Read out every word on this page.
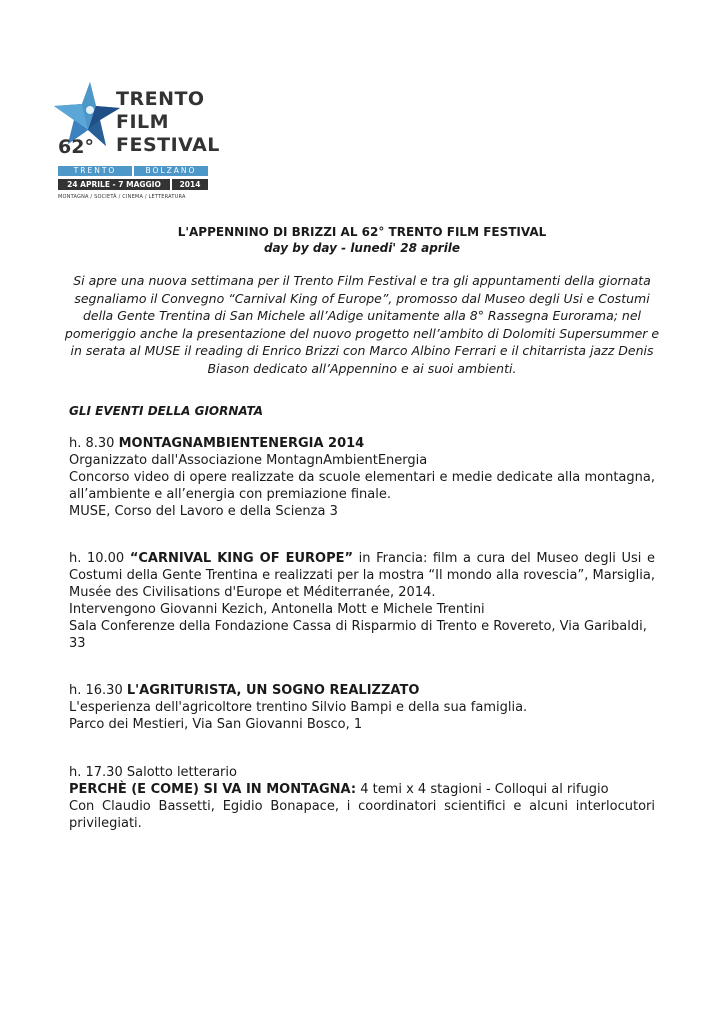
TRENTO
FILM
FESTIVAL
62°
TRENTO	BOLZANO
24 APRILE - 7 MAGGIO	2014
MONTAGNA / SOCIETÀ / CINEMA / LETTERATURA
L'APPENNINO DI BRIZZI AL 62° TRENTO FILM FESTIVAL
day by day - lunedi' 28 aprile
Si apre una nuova settimana per il Trento Film Festival e tra gli appuntamenti della giornata segnaliamo il Convegno “Carnival King of Europe”, promosso dal Museo degli Usi e Costumi della Gente Trentina di San Michele all’Adige unitamente alla 8° Rassegna Eurorama; nel pomeriggio anche la presentazione del nuovo progetto nell’ambito di Dolomiti Supersummer e in serata al MUSE il reading di Enrico Brizzi con Marco Albino Ferrari e il chitarrista jazz Denis Biason dedicato all’Appennino e ai suoi ambienti.
GLI EVENTI DELLA GIORNATA

h. 8.30 MONTAGNAMBIENTENERGIA 2014

Organizzato dall'Associazione MontagnAmbientEnergia

Concorso video di opere realizzate da scuole elementari e medie dedicate alla montagna, all’ambiente e all’energia con premiazione finale.

MUSE, Corso del Lavoro e della Scienza 3

h. 10.00 “CARNIVAL KING OF EUROPE” in Francia: film a cura del Museo degli Usi e Costumi della Gente Trentina e realizzati per la mostra “Il mondo alla rovescia”, Marsiglia, Musée des Civilisations d'Europe et Méditerranée, 2014.

Intervengono Giovanni Kezich, Antonella Mott e Michele Trentini

Sala Conferenze della Fondazione Cassa di Risparmio di Trento e Rovereto, Via Garibaldi, 33

h. 16.30 L'AGRITURISTA, UN SOGNO REALIZZATO

L'esperienza dell'agricoltore trentino Silvio Bampi e della sua famiglia.

Parco dei Mestieri, Via San Giovanni Bosco, 1

h. 17.30 Salotto letterario

PERCHÈ (E COME) SI VA IN MONTAGNA: 4 temi x 4 stagioni - Colloqui al rifugio

Con Claudio Bassetti, Egidio Bonapace, i coordinatori scientifici e alcuni interlocutori privilegiati.
